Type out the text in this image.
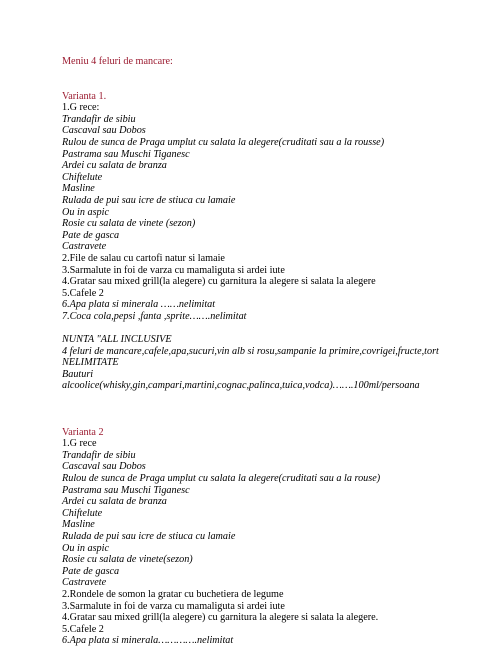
Meniu 4 feluri de mancare:
Varianta 1.
1.G rece:
Trandafir de sibiu
Cascaval sau Dobos
Rulou de sunca de Praga umplut cu salata la alegere(cruditati sau a la rousse)
Pastrama sau Muschi Tiganesc
Ardei cu salata de branza
Chiftelute
Masline
Rulada de pui sau icre de stiuca cu lamaie
Ou in aspic
Rosie cu salata de vinete (sezon)
Pate de gasca
Castravete
2.File de salau cu cartofi natur si lamaie
3.Sarmalute in foi de varza cu mamaliguta si ardei iute
4.Gratar sau mixed grill(la alegere) cu garnitura la alegere si salata la alegere
5.Cafele 2
6.Apa plata si minerala ……nelimitat
7.Coca cola,pepsi ,fanta ,sprite…….nelimitat
NUNTA "ALL INCLUSIVE
4 feluri de mancare,cafele,apa,sucuri,vin alb si rosu,sampanie la primire,covrigei,fructe,tort NELIMITATE
Bauturi
alcoolice(whisky,gin,campari,martini,cognac,palinca,tuica,vodca)…….100ml/persoana
Varianta 2
1.G rece
Trandafir de sibiu
Cascaval sau Dobos
Rulou de sunca de Praga umplut cu salata la alegere(cruditati sau a la rouse)
Pastrama sau Muschi Tiganesc
Ardei cu salata de branza
Chiftelute
Masline
Rulada de pui sau icre de stiuca cu lamaie
Ou in aspic
Rosie cu salata de vinete(sezon)
Pate de gasca
Castravete
2.Rondele de somon la gratar cu buchetiera de legume
3.Sarmalute in foi de varza cu mamaliguta si ardei iute
4.Gratar sau mixed grill(la alegere) cu garnitura la alegere si salata la alegere.
5.Cafele 2
6.Apa plata si minerala………….nelimitat
